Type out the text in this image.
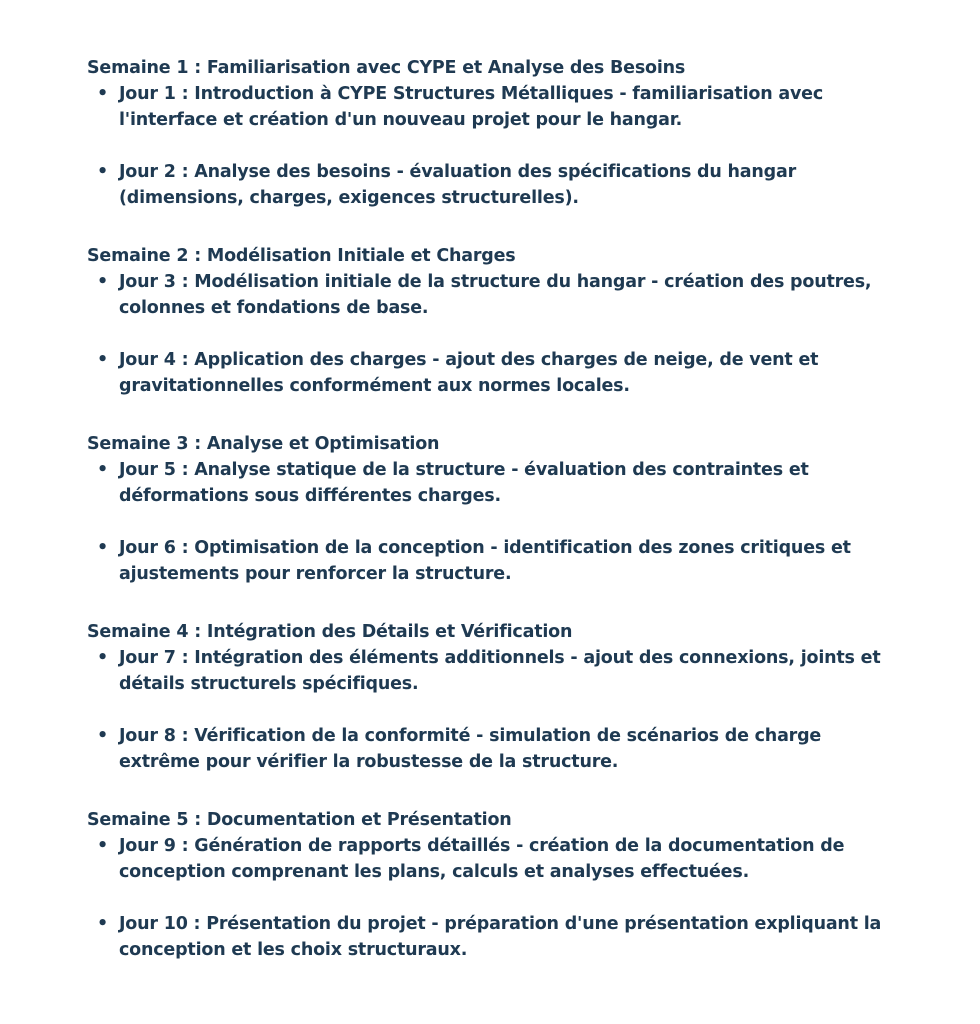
Semaine 1 : Familiarisation avec CYPE et Analyse des Besoins
• Jour 1 : Introduction à CYPE Structures Métalliques - familiarisation avec l'interface et création d'un nouveau projet pour le hangar.
• Jour 2 : Analyse des besoins - évaluation des spécifications du hangar (dimensions, charges, exigences structurelles).
Semaine 2 : Modélisation Initiale et Charges
• Jour 3 : Modélisation initiale de la structure du hangar - création des poutres, colonnes et fondations de base.
• Jour 4 : Application des charges - ajout des charges de neige, de vent et gravitationnelles conformément aux normes locales.
Semaine 3 : Analyse et Optimisation
• Jour 5 : Analyse statique de la structure - évaluation des contraintes et déformations sous différentes charges.
• Jour 6 : Optimisation de la conception - identification des zones critiques et ajustements pour renforcer la structure.
Semaine 4 : Intégration des Détails et Vérification
• Jour 7 : Intégration des éléments additionnels - ajout des connexions, joints et détails structurels spécifiques.
• Jour 8 : Vérification de la conformité - simulation de scénarios de charge extrême pour vérifier la robustesse de la structure.
Semaine 5 : Documentation et Présentation
• Jour 9 : Génération de rapports détaillés - création de la documentation de conception comprenant les plans, calculs et analyses effectuées.
• Jour 10 : Présentation du projet - préparation d'une présentation expliquant la conception et les choix structuraux.
